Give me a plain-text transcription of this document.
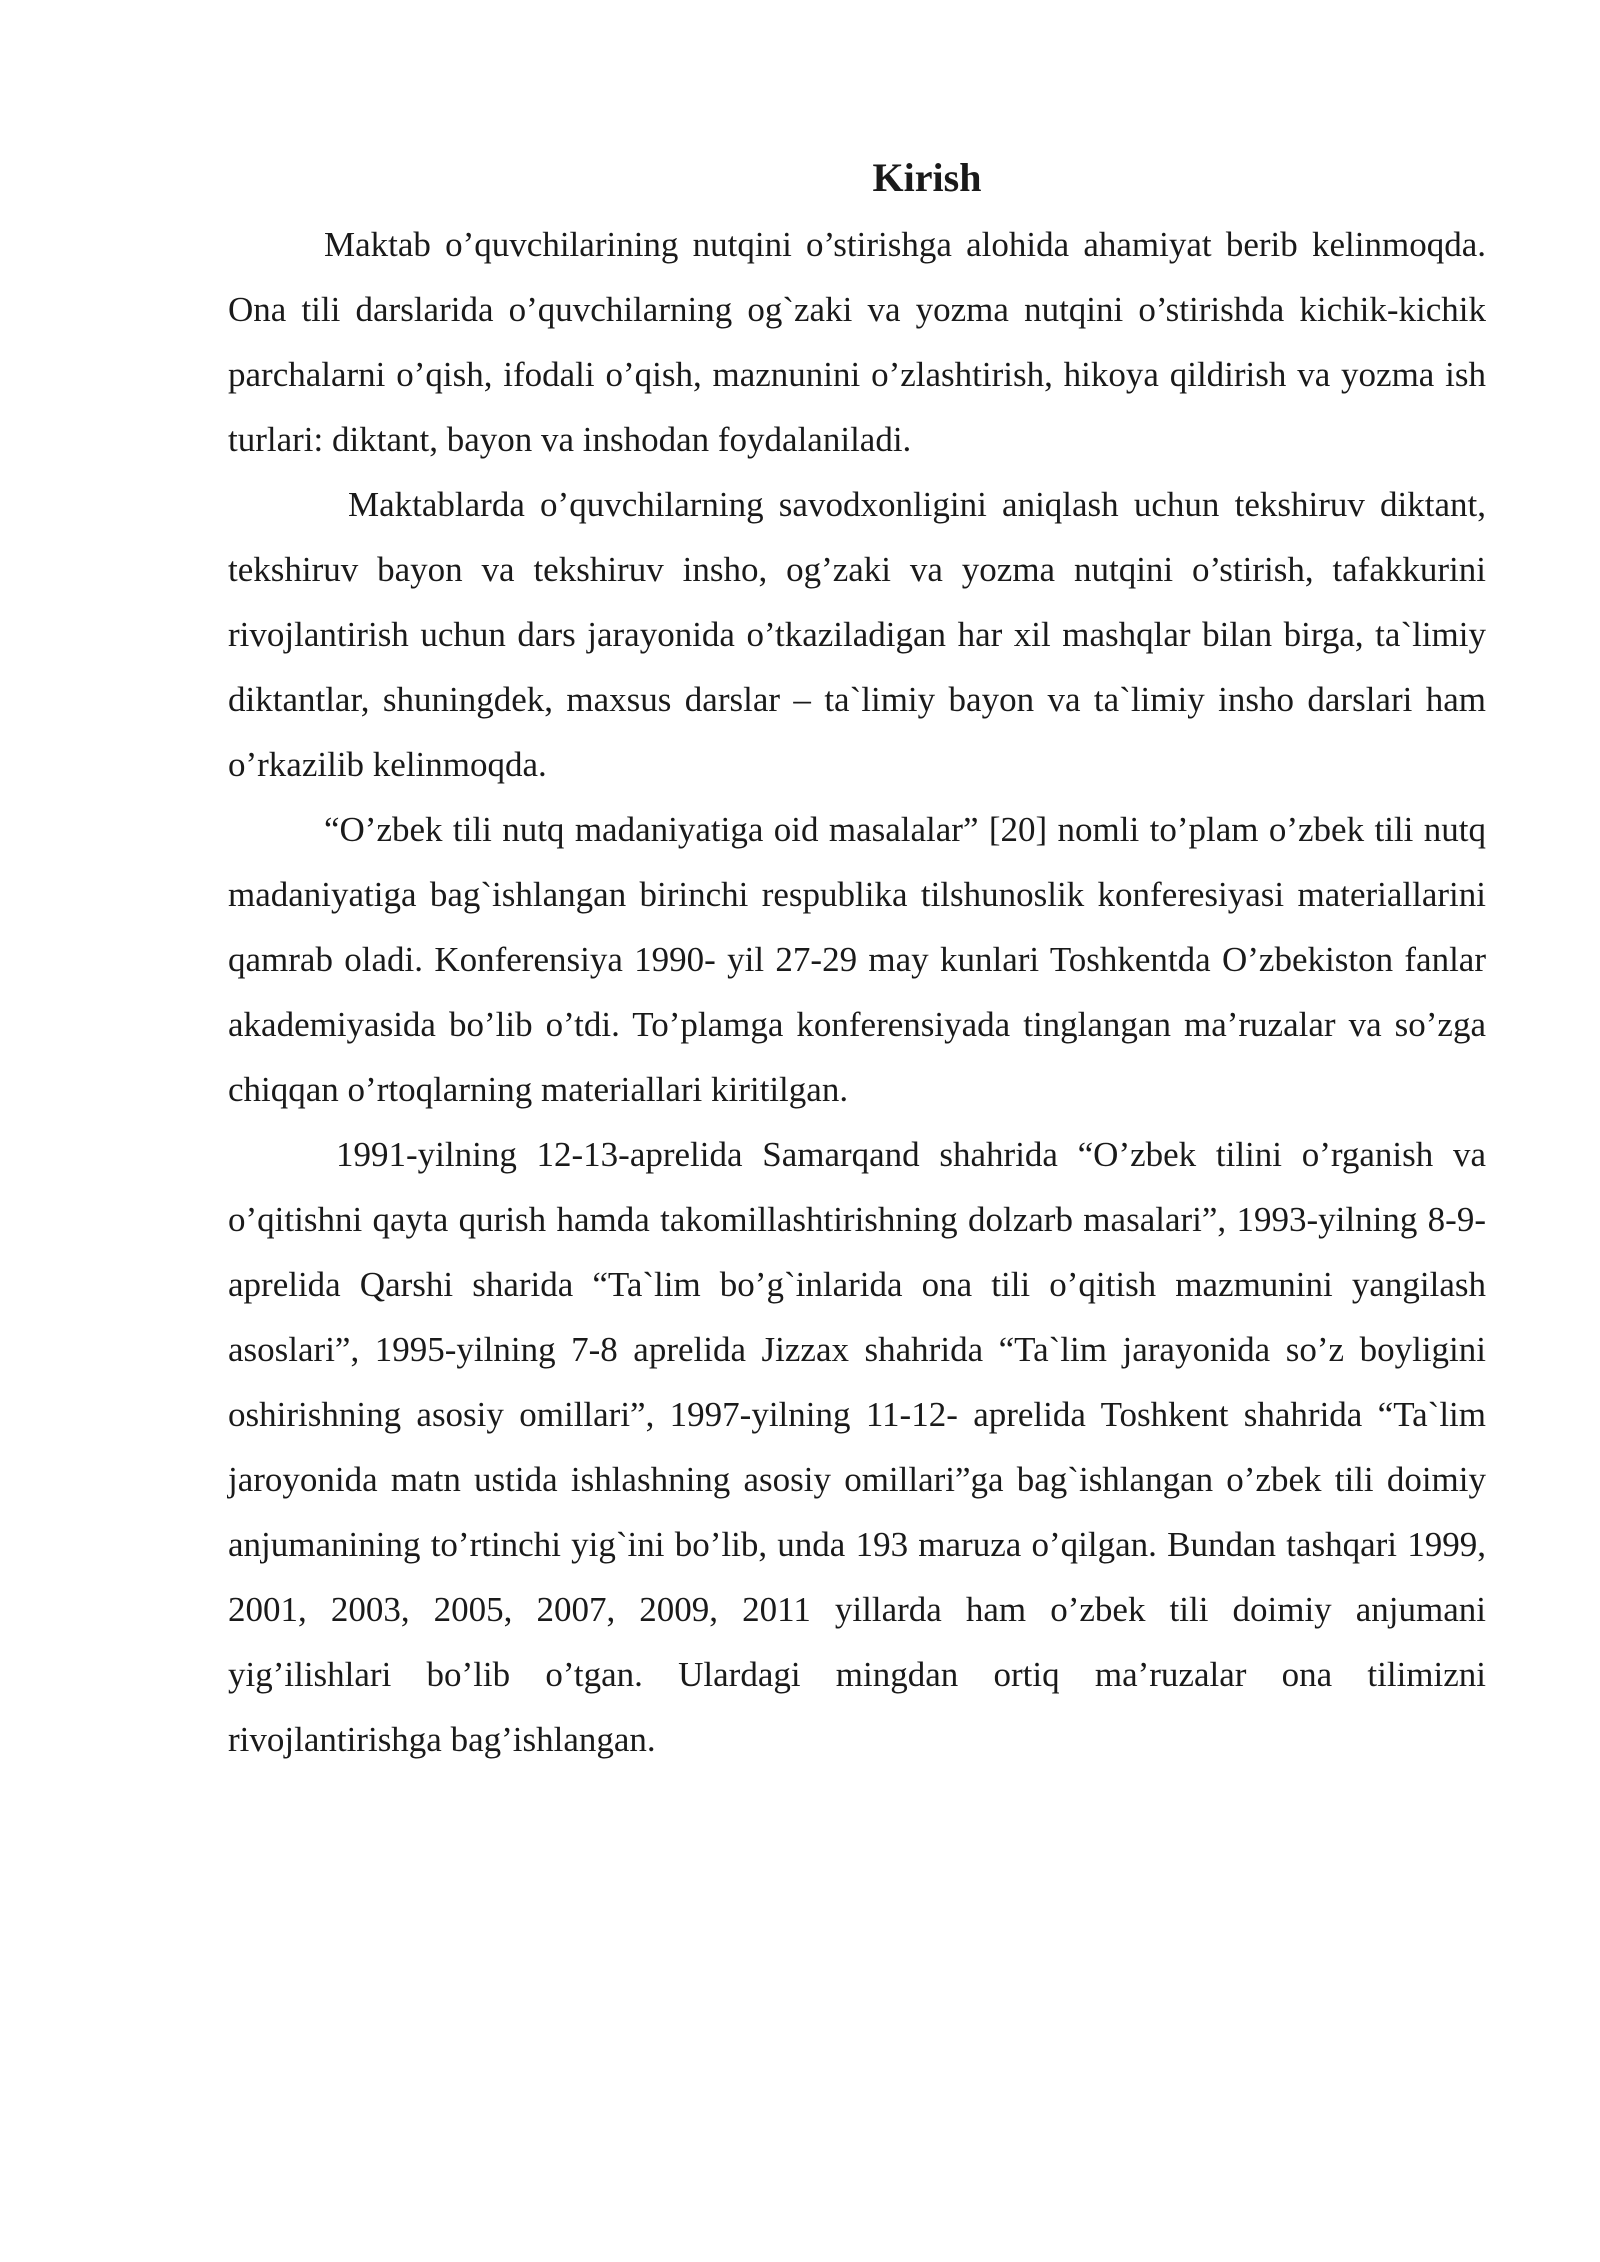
Kirish

Maktab o’quvchilarining nutqini o’stirishga alohida ahamiyat berib kelinmoqda. Ona tili darslarida o’quvchilarning og`zaki va yozma nutqini o’stirishda kichik-kichik parchalarni o’qish, ifodali o’qish, maznunini o’zlashtirish, hikoya qildirish va yozma ish turlari: diktant, bayon va inshodan foydalaniladi.

Maktablarda o’quvchilarning savodxonligini aniqlash uchun tekshiruv diktant, tekshiruv bayon va tekshiruv insho, og’zaki va yozma nutqini o’stirish, tafakkurini rivojlantirish uchun dars jarayonida o’tkaziladigan har xil mashqlar bilan birga, ta`limiy diktantlar, shuningdek, maxsus darslar – ta`limiy bayon va ta`limiy insho darslari ham o’rkazilib kelinmoqda.

“O’zbek tili nutq madaniyatiga oid masalalar” [20] nomli to’plam o’zbek tili nutq madaniyatiga bag`ishlangan birinchi respublika tilshunoslik konferesiyasi materiallarini qamrab oladi. Konferensiya 1990- yil 27-29 may kunlari Toshkentda O’zbekiston fanlar akademiyasida bo’lib o’tdi. To’plamga konferensiyada tinglangan ma’ruzalar va so’zga chiqqan o’rtoqlarning materiallari kiritilgan.

1991-yilning 12-13-aprelida Samarqand shahrida “O’zbek tilini o’rganish va o’qitishni qayta qurish hamda takomillashtirishning dolzarb masalari”, 1993-yilning 8-9-aprelida Qarshi sharida “Ta`lim bo’g`inlarida ona tili o’qitish mazmunini yangilash asoslari”, 1995-yilning 7-8 aprelida Jizzax shahrida “Ta`lim jarayonida so’z boyligini oshirishning asosiy omillari”, 1997-yilning 11-12- aprelida Toshkent shahrida “Ta`lim jaroyonida matn ustida ishlashning asosiy omillari”ga bag`ishlangan o’zbek tili doimiy anjumanining to’rtinchi yig`ini bo’lib, unda 193 maruza o’qilgan. Bundan tashqari 1999, 2001, 2003, 2005, 2007, 2009, 2011 yillarda ham o’zbek tili doimiy anjumani yig’ilishlari bo’lib o’tgan. Ulardagi mingdan ortiq ma’ruzalar ona tilimizni rivojlantirishga bag’ishlangan.
